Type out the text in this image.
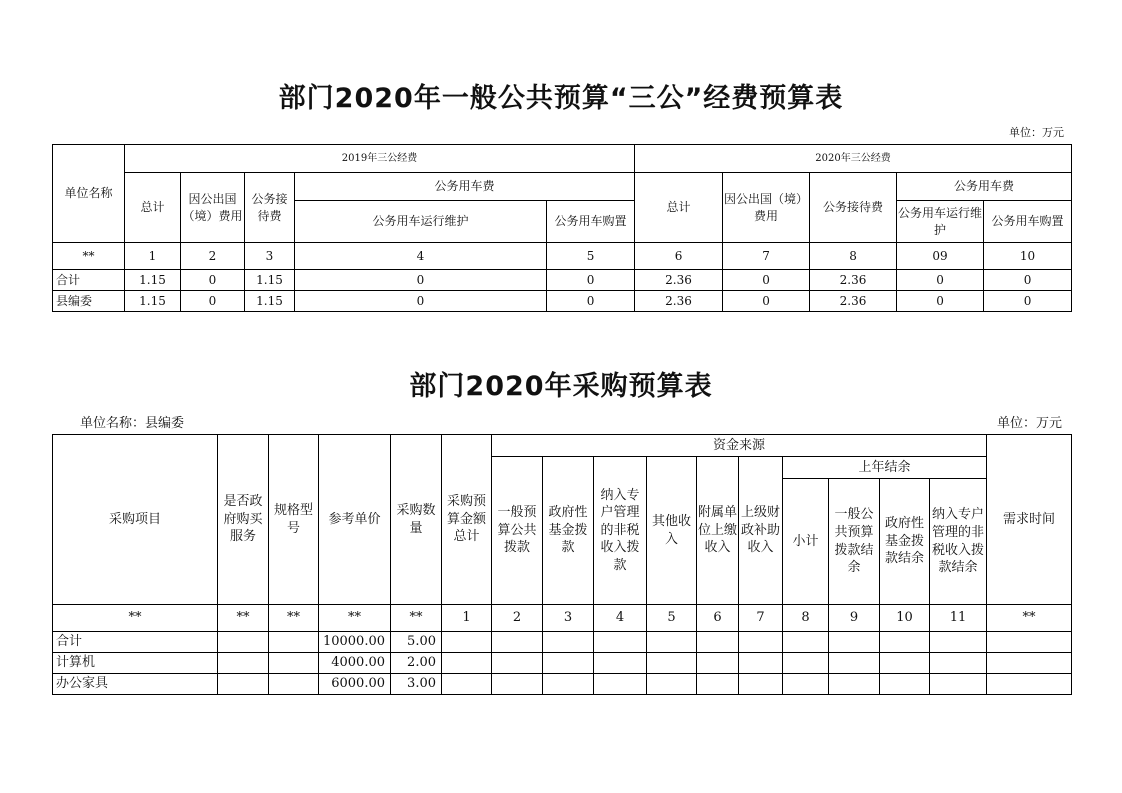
部门2020年一般公共预算“三公”经费预算表
单位：万元
单位名称	2019年三公经费					2020年三公经费				
	总计	因公出国（境）费用	公务接待费	公务用车费		总计	因公出国（境）费用	公务接待费	公务用车费	
				公务用车运行维护	公务用车购置				公务用车运行维护	公务用车购置
**	1	2	3	4	5	6	7	8	09	10
合计	1.15	0	1.15	0	0	2.36	0	2.36	0	0
县编委	1.15	0	1.15	0	0	2.36	0	2.36	0	0
部门2020年采购预算表
单位名称：县编委	单位：万元
采购项目	是否政府购买服务	规格型号	参考单价	采购数量	采购预算金额总计	资金来源										需求时间
						一般预算公共拨款	政府性基金拨款	纳入专户管理的非税收入拨款	其他收入	附属单位上缴收入	上级财政补助收入	上年结余				
												小计	一般公共预算拨款结余	政府性基金拨款结余	纳入专户管理的非税收入拨款结余	
**	**	**	**	**	1	2	3	4	5	6	7	8	9	10	11	**
合计			10000.00	5.00												
计算机			4000.00	2.00												
办公家具			6000.00	3.00												
